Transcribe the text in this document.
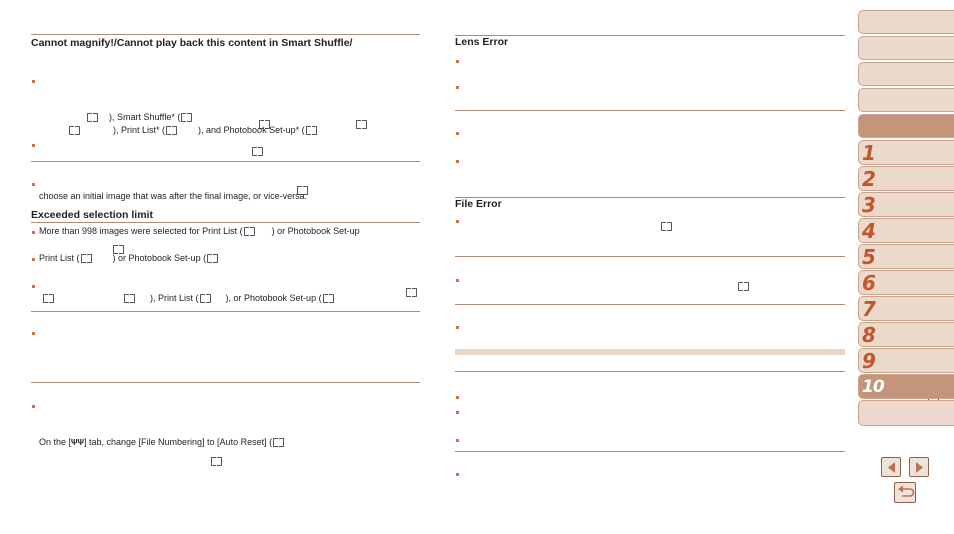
Cannot magnify!/Cannot play back this content in Smart Shuffle/
), Smart Shuffle* (

), Print List* (	), and Photobook Set-up* (

choose an initial image that was after the final image, or vice-versa.
Exceeded selection limit
More than 998 images were selected for Print List (	) or Photobook Set-up

Print List (	) or Photobook Set-up (

), Print List (	), or Photobook Set-up (
On the [ΨΨ] tab, change [File Numbering] to [Auto Reset] (

Lens Error
File Error

1
2
3
4
5
6
7
8
9
10
